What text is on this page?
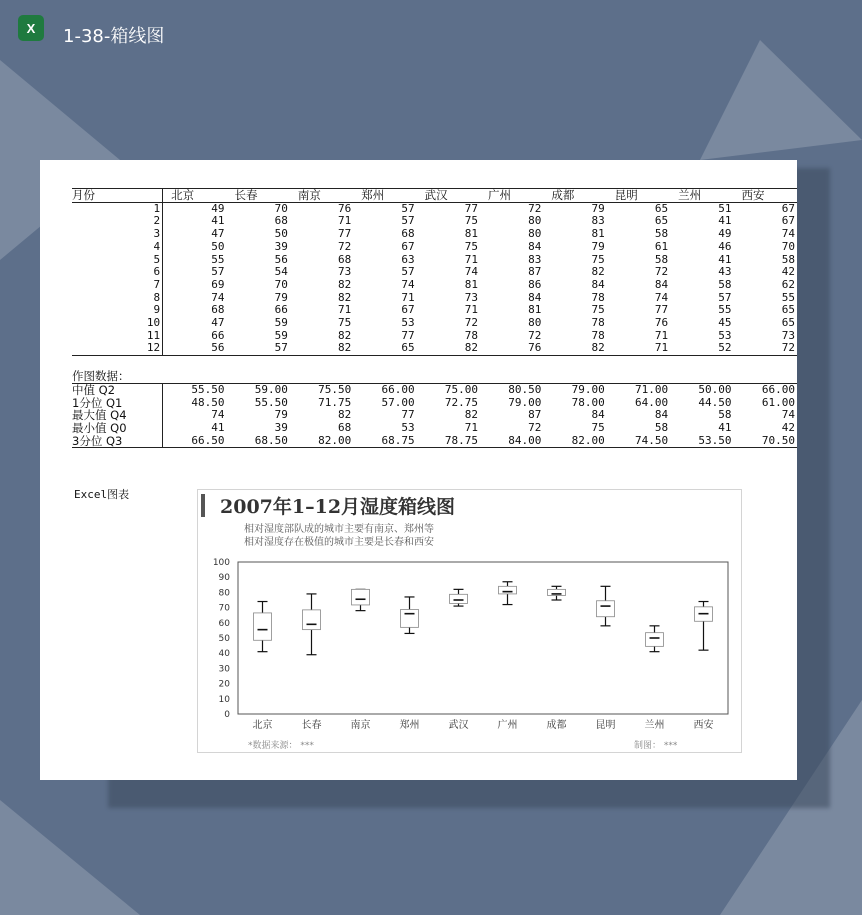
X 1-38-箱线图
月份	北京	长春	南京	郑州	武汉	广州	成都	昆明	兰州	西安
1	49	70	76	57	77	72	79	65	51	67
2	41	68	71	57	75	80	83	65	41	67
3	47	50	77	68	81	80	81	58	49	74
4	50	39	72	67	75	84	79	61	46	70
5	55	56	68	63	71	83	75	58	41	58
6	57	54	73	57	74	87	82	72	43	42
7	69	70	82	74	81	86	84	84	58	62
8	74	79	82	71	73	84	78	74	57	55
9	68	66	71	67	71	81	75	77	55	65
10	47	59	75	53	72	80	78	76	45	65
11	66	59	82	77	78	72	78	71	53	73
12	56	57	82	65	82	76	82	71	52	72
作图数据：										
中值 Q2	55.50	59.00	75.50	66.00	75.00	80.50	79.00	71.00	50.00	66.00
1分位 Q1	48.50	55.50	71.75	57.00	72.75	79.00	78.00	64.00	44.50	61.00
最大值 Q4	74	79	82	77	82	87	84	84	58	74
最小值 Q0	41	39	68	53	71	72	75	58	41	42
3分位 Q3	66.50	68.50	82.00	68.75	78.75	84.00	82.00	74.50	53.50	70.50
Excel图表
2007年1–12月湿度箱线图
相对湿度部队成的城市主要有南京、郑州等
相对湿度存在极值的城市主要是长春和西安
0
10
20
30
40
50
60
70
80
90
100
北京	长春	南京	郑州	武汉	广州	成都	昆明	兰州	西安
*数据来源： ***	制图： ***
